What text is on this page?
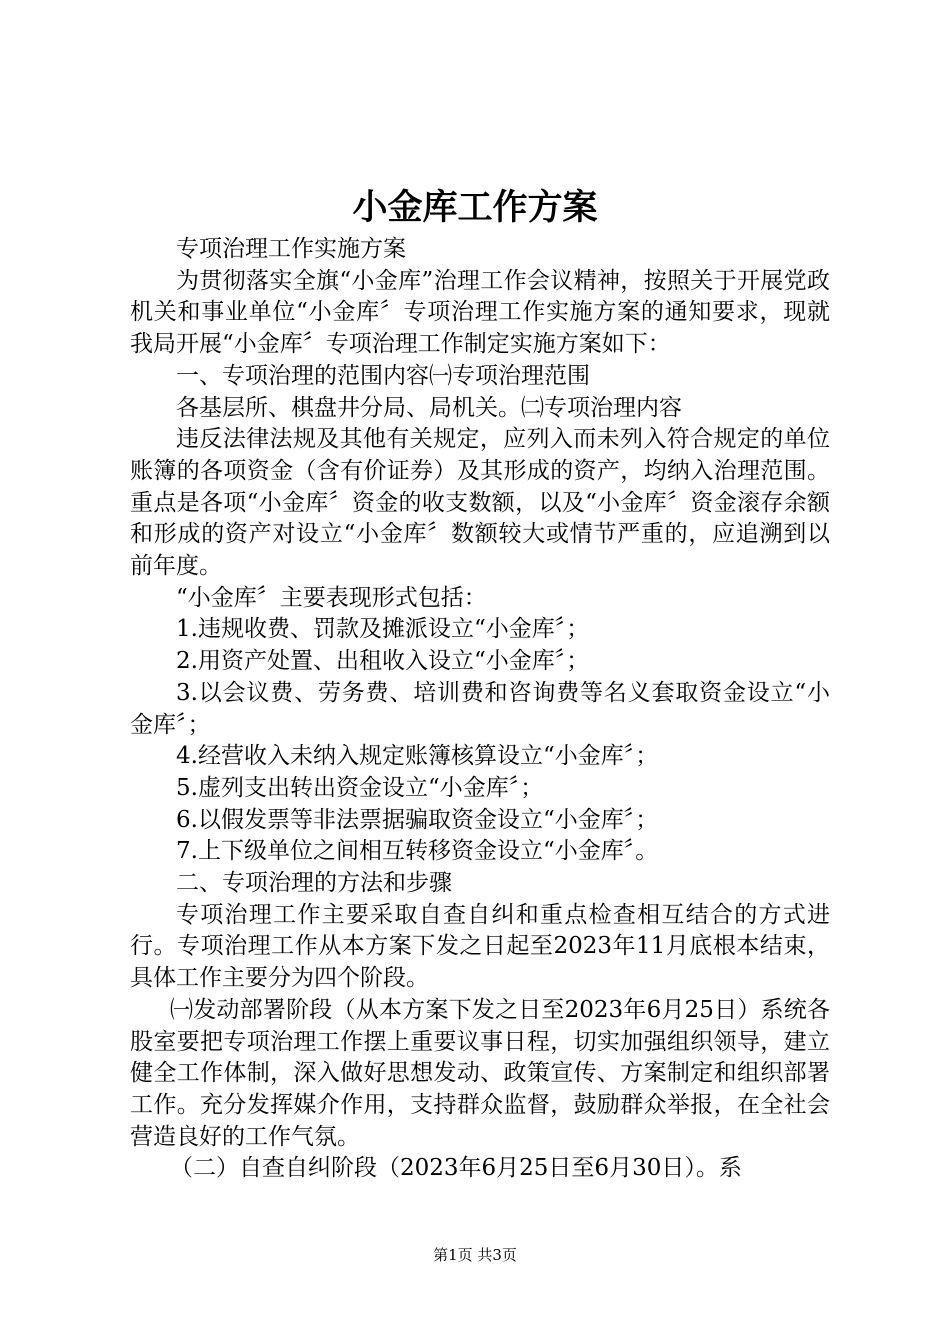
小金库工作方案

专项治理工作实施方案

为贯彻落实全旗“小金库”治理工作会议精神，按照关于开展党政机关和事业单位“小金库〞专项治理工作实施方案的通知要求，现就我局开展“小金库〞专项治理工作制定实施方案如下：

一、专项治理的范围内容㈠专项治理范围

各基层所、棋盘井分局、局机关。㈡专项治理内容

违反法律法规及其他有关规定，应列入而未列入符合规定的单位账簿的各项资金（含有价证券）及其形成的资产，均纳入治理范围。重点是各项“小金库〞资金的收支数额，以及“小金库〞资金滚存余额和形成的资产对设立“小金库〞数额较大或情节严重的，应追溯到以前年度。

“小金库〞主要表现形式包括：

1.违规收费、罚款及摊派设立“小金库〞；

2.用资产处置、出租收入设立“小金库〞；

3.以会议费、劳务费、培训费和咨询费等名义套取资金设立“小金库〞；

4.经营收入未纳入规定账簿核算设立“小金库〞；

5.虚列支出转出资金设立“小金库〞；

6.以假发票等非法票据骗取资金设立“小金库〞；

7.上下级单位之间相互转移资金设立“小金库〞。

二、专项治理的方法和步骤

专项治理工作主要采取自查自纠和重点检查相互结合的方式进行。专项治理工作从本方案下发之日起至2023年11月底根本结束，具体工作主要分为四个阶段。

㈠发动部署阶段（从本方案下发之日至2023年6月25日）系统各股室要把专项治理工作摆上重要议事日程，切实加强组织领导，建立健全工作体制，深入做好思想发动、政策宣传、方案制定和组织部署工作。充分发挥媒介作用，支持群众监督，鼓励群众举报，在全社会营造良好的工作气氛。

（二）自查自纠阶段（2023年6月25日至6月30日）。系

第1页 共3页
